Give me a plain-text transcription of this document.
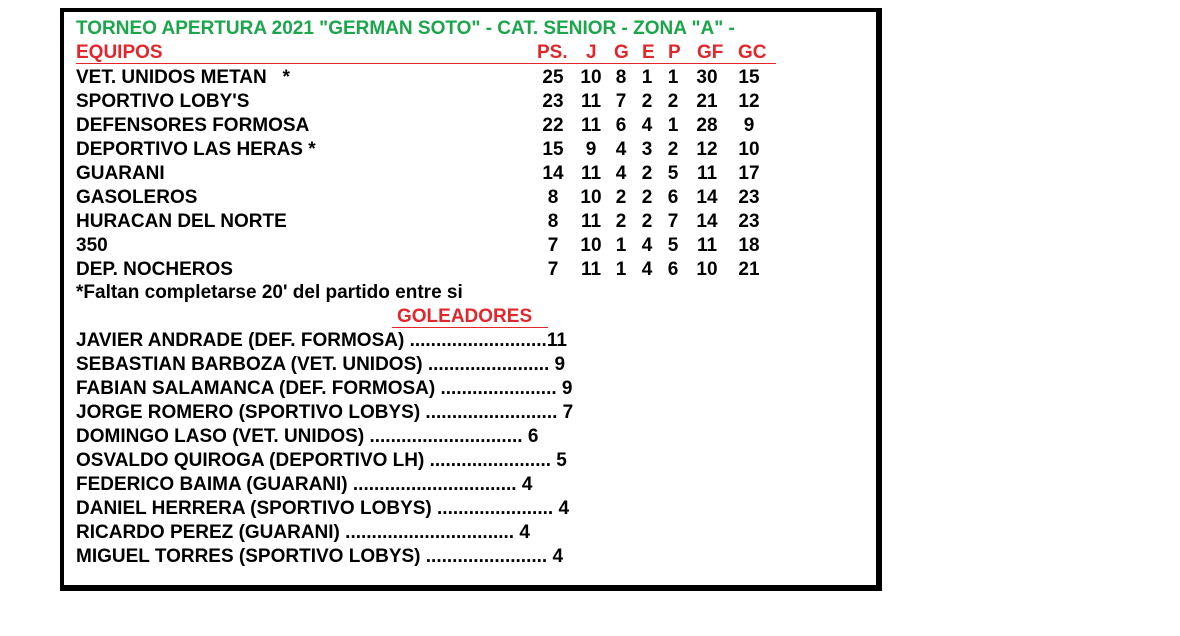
TORNEO APERTURA 2021 "GERMAN SOTO" - CAT. SENIOR - ZONA "A" -
EQUIPOS	PS. J G E P GF GC
VET. UNIDOS METAN   *	25 10 8 1 1 30	15
SPORTIVO LOBY'S	23 11 7 2 2 21	12
DEFENSORES FORMOSA	22 11 6 4 1 28	9
DEPORTIVO LAS HERAS *	15	9	4 3 2 12	10
GUARANI	14 11 4 2 5 11	17
GASOLEROS	8	10 2 2 6 14	23
HURACAN DEL NORTE	8	11 2 2 7 14	23
350	7	10 1 4 5 11	18
DEP. NOCHEROS	7	11 1 4 6 10	21
*Faltan completarse 20' del partido entre si
GOLEADORES
JAVIER ANDRADE (DEF. FORMOSA) ..........................11
SEBASTIAN BARBOZA (VET. UNIDOS) ....................... 9
FABIAN SALAMANCA (DEF. FORMOSA) ...................... 9
JORGE ROMERO (SPORTIVO LOBYS) ......................... 7
DOMINGO LASO (VET. UNIDOS) ............................. 6
OSVALDO QUIROGA (DEPORTIVO LH) ....................... 5
FEDERICO BAIMA (GUARANI) ............................... 4
DANIEL HERRERA (SPORTIVO LOBYS) ...................... 4
RICARDO PEREZ (GUARANI) ................................ 4
MIGUEL TORRES (SPORTIVO LOBYS) ....................... 4
